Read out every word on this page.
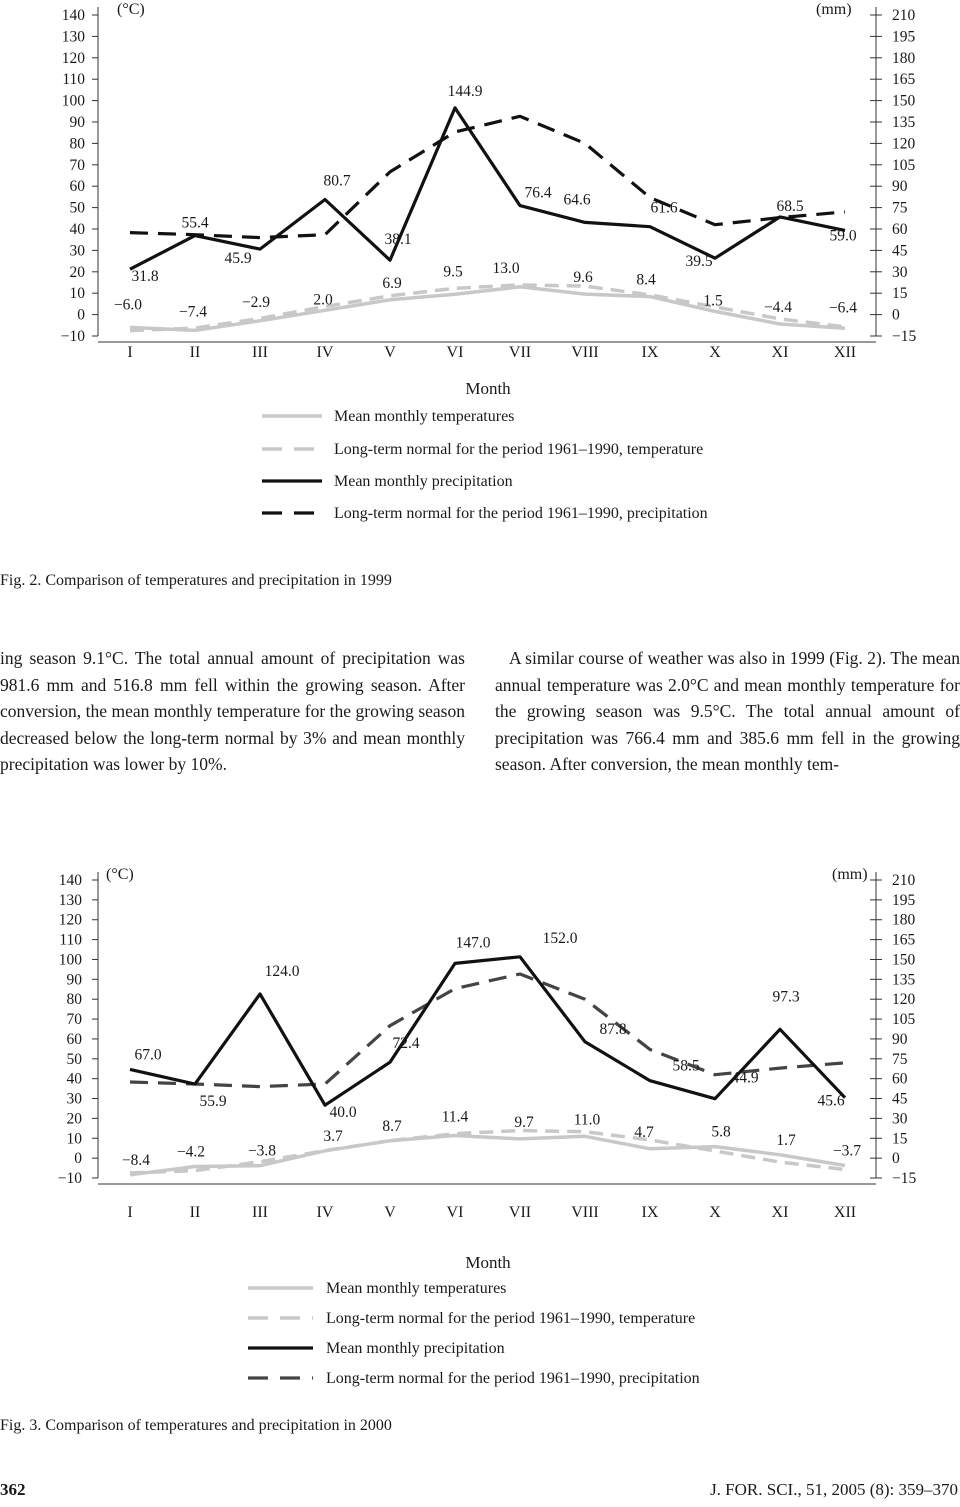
140
130
120
110
100
90
80
70
60
50
40
30
20
10
0
−10
210
195
180
165
150
135
120
105
90
75
60
45
30
15
0
−15
(°C)	(mm)
I	II	III	IV	V	VI	VII	VIII	IX	X	XI	XII
Month
−6.0 −7.4
−2.9	2.0
6.9
9.5 13.0
9.6	8.4
1.5	−4.4 −6.4
31.8
55.4
45.9
80.7
38.1
144.9
76.4 64.6	61.6
39.5
68.5
59.0
Mean monthly temperatures
Long-term normal for the period 1961–1990, temperature
Mean monthly precipitation
Long-term normal for the period 1961–1990, precipitation
Fig. 2. Comparison of temperatures and precipitation in 1999

ing season 9.1°C. The total annual amount of precipitation was 981.6 mm and 516.8 mm fell within the growing season. After conversion, the mean monthly temperature for the growing season decreased below the long-term normal by 3% and mean monthly precipitation was lower by 10%.

A similar course of weather was also in 1999 (Fig. 2). The mean annual temperature was 2.0°C and mean monthly temperature for the growing season was 9.5°C. The total annual amount of precipitation was 766.4 mm and 385.6 mm fell in the growing season. After conversion, the mean monthly tem-

140
130
120
110
100
90
80
70
60
50
40
30
20
10
0
−10
210
195
180
165
150
135
120
105
90
75
60
45
30
15
0
−15
(°C)	(mm)
I	II	III	IV	V	VI	VII	VIII	IX	X	XI	XII
Month
−8.4 −4.2	−3.8
3.7
8.7
11.4	9.7	11.0
4.7	5.8	1.7
−3.7
67.0
55.9
124.0
40.0
72.4
147.0	152.0
87.8
58.5
44.9
97.3
45.6
Mean monthly temperatures
Long-term normal for the period 1961–1990, temperature
Mean monthly precipitation
Long-term normal for the period 1961–1990, precipitation
Fig. 3. Comparison of temperatures and precipitation in 2000
362	J. FOR. SCI., 51, 2005 (8): 359–370
